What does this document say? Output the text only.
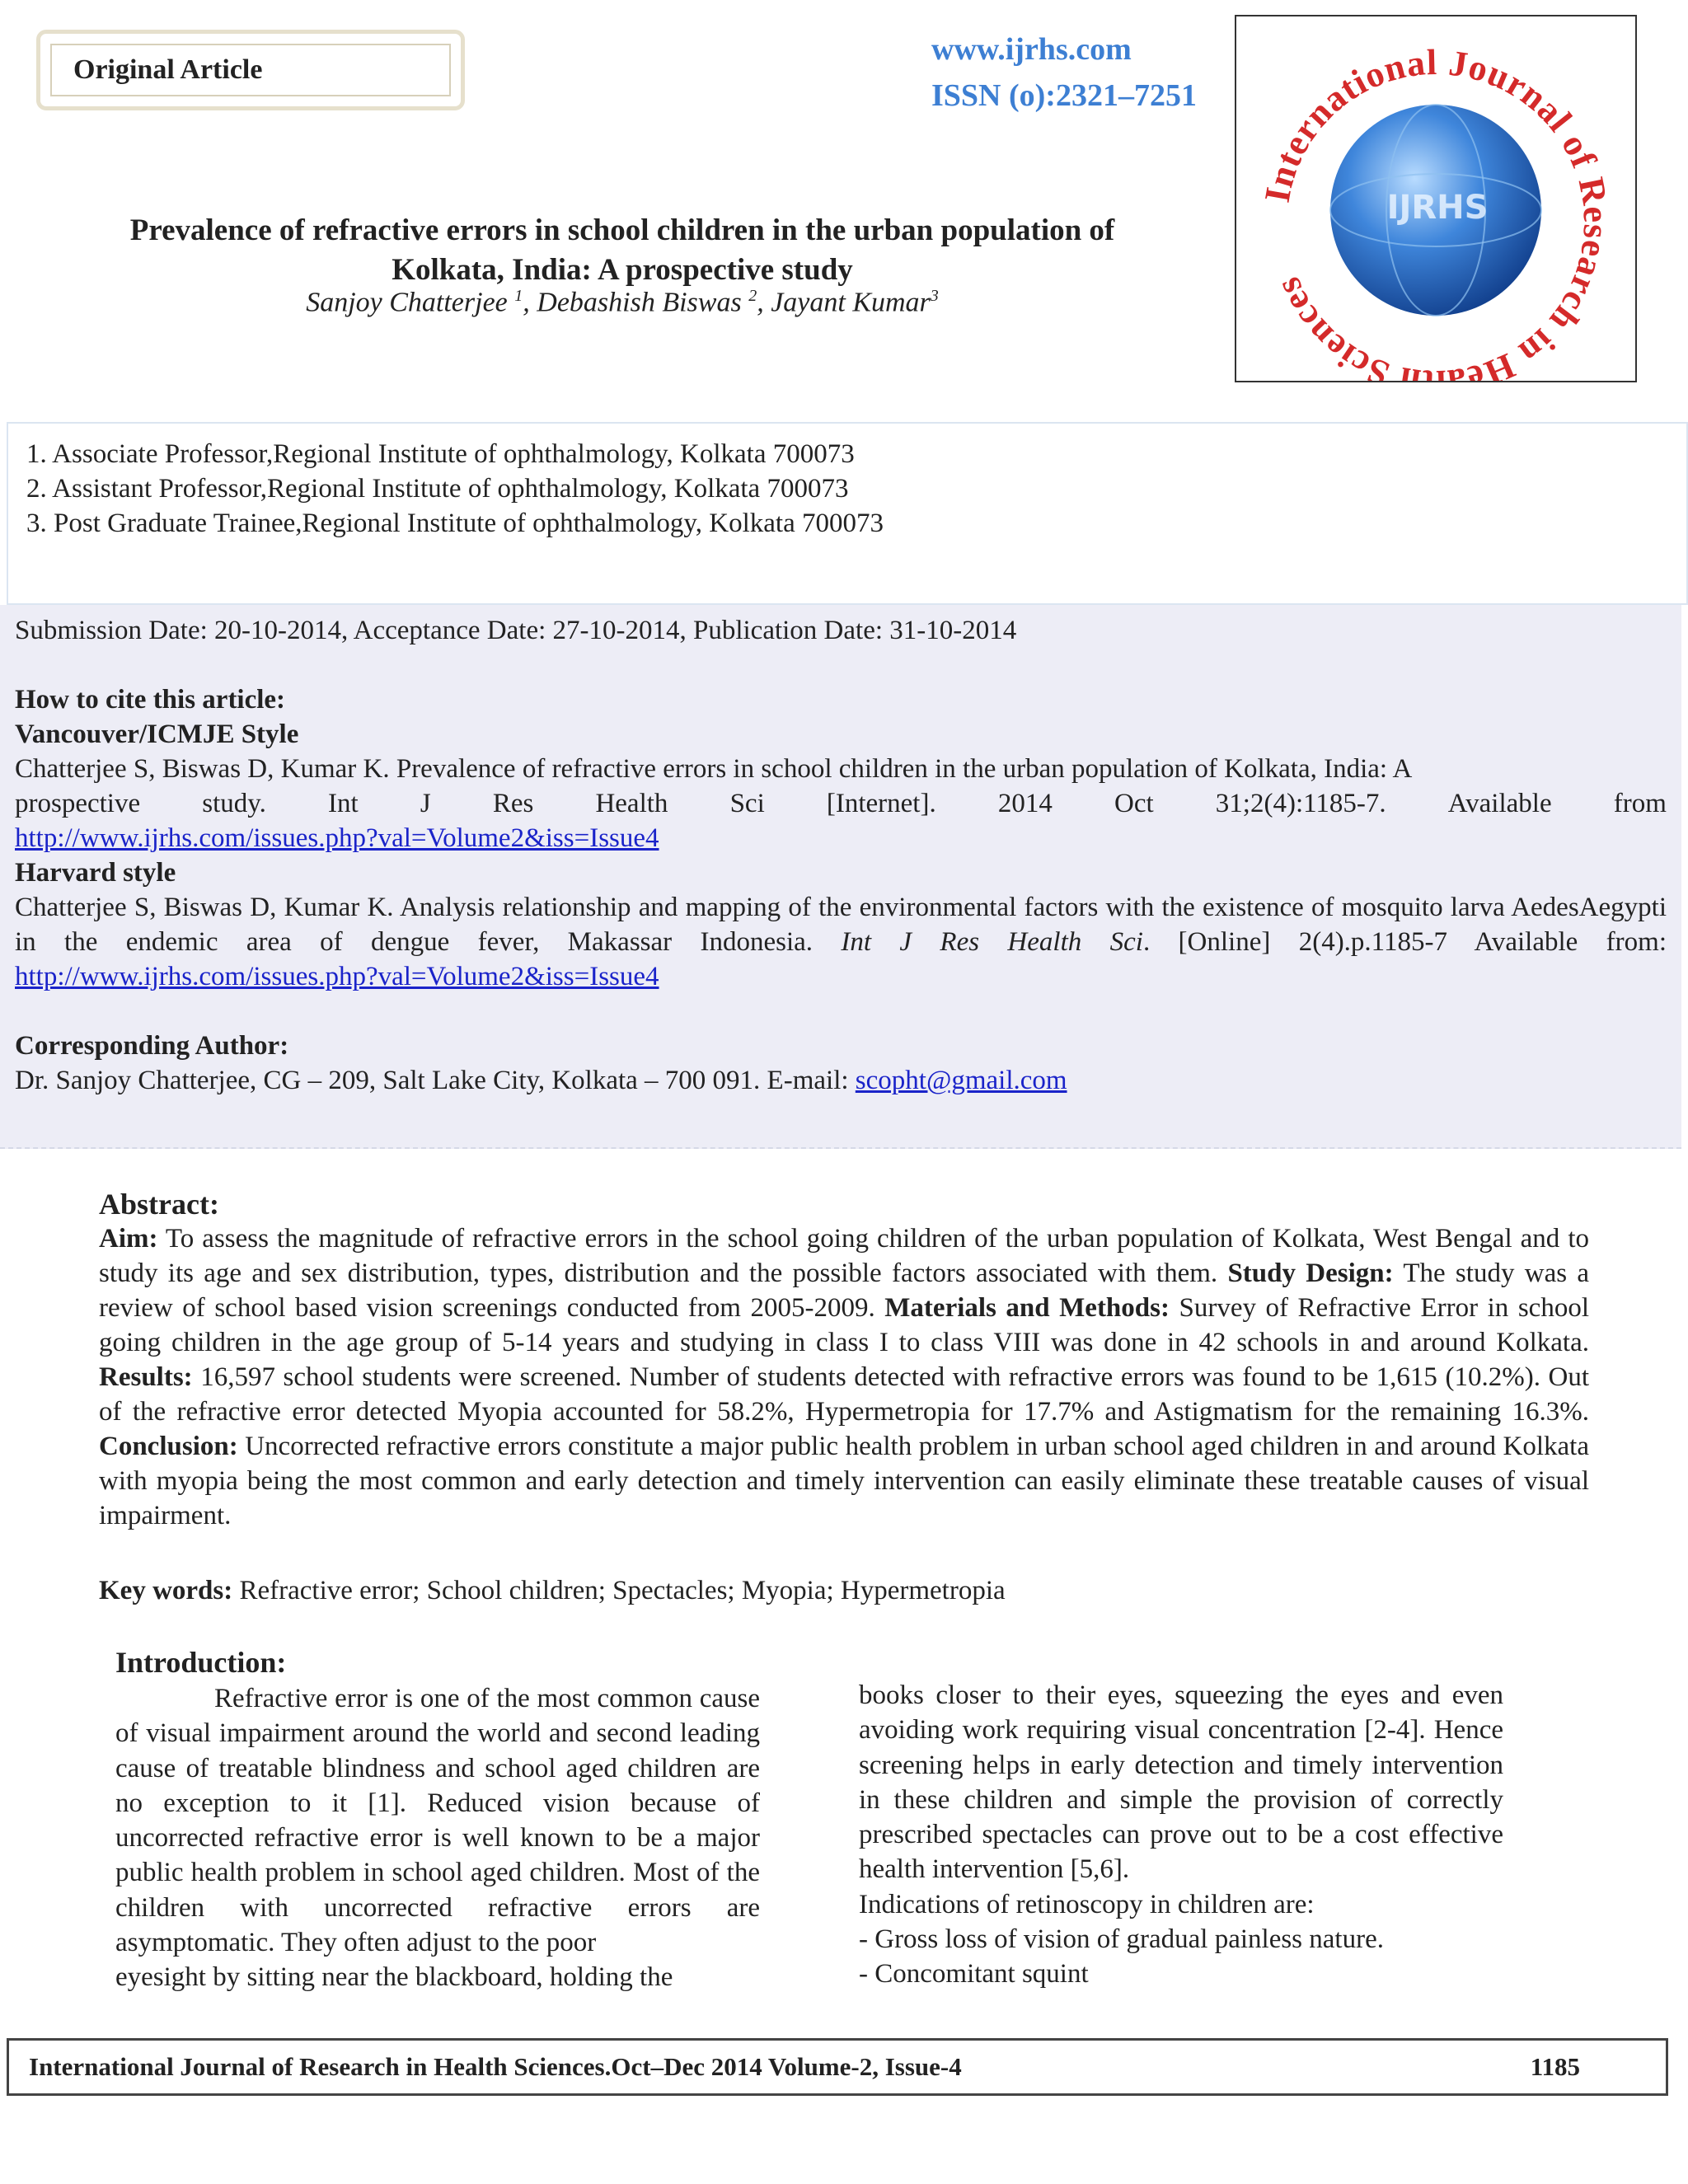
Original Article
www.ijrhs.com
ISSN (o):2321–7251
IJRHS
International Journal of Research in He h Sciences
Prevalence of refractive errors in school children in the urban population of
Kolkata, India: A prospective study
Sanjoy Chatterjee $^1$, Debashish Biswas $^2$, Jayant Kumar$^3$
1. Associate Professor,Regional Institute of ophthalmology, Kolkata 700073
2. Assistant Professor,Regional Institute of ophthalmology, Kolkata 700073
3. Post Graduate Trainee,Regional Institute of ophthalmology, Kolkata 700073
Submission Date: 20-10-2014, Acceptance Date: 27-10-2014, Publication Date: 31-10-2014
How to cite this article:
Vancouver/ICMJE Style
Chatterjee S, Biswas D, Kumar K. Prevalence of refractive errors in school children in the urban population of Kolkata, India: A
prospective study. Int J Res Health Sci [Internet]. 2014 Oct 31;2(4):1185-7. Available from
http://www.ijrhs.com/issues.php?val=Volume2&iss=Issue4
Harvard style
Chatterjee S, Biswas D, Kumar K. Analysis relationship and mapping of the environmental factors with the existence of mosquito larva AedesAegypti in the endemic area of dengue fever, Makassar Indonesia. Int J Res Health Sci. [Online] 2(4).p.1185-7 Available from: http://www.ijrhs.com/issues.php?val=Volume2&iss=Issue4
Corresponding Author:
Dr. Sanjoy Chatterjee, CG – 209, Salt Lake City, Kolkata – 700 091. E-mail: scopht@gmail.com
Abstract:
Aim: To assess the magnitude of refractive errors in the school going children of the urban population of Kolkata, West Bengal and to study its age and sex distribution, types, distribution and the possible factors associated with them. Study Design: The study was a review of school based vision screenings conducted from 2005-2009. Materials and Methods: Survey of Refractive Error in school going children in the age group of 5-14 years and studying in class I to class VIII was done in 42 schools in and around Kolkata. Results: 16,597 school students were screened. Number of students detected with refractive errors was found to be 1,615 (10.2%). Out of the refractive error detected Myopia accounted for 58.2%, Hypermetropia for 17.7% and Astigmatism for the remaining 16.3%. Conclusion: Uncorrected refractive errors constitute a major public health problem in urban school aged children in and around Kolkata with myopia being the most common and early detection and timely intervention can easily eliminate these treatable causes of visual impairment.
Key words: Refractive error; School children; Spectacles; Myopia; Hypermetropia
Introduction:
Refractive error is one of the most common cause of visual impairment around the world and second leading cause of treatable blindness and school aged children are no exception to it [1]. Reduced vision because of uncorrected refractive error is well known to be a major public health problem in school aged children. Most of the children with uncorrected refractive errors are asymptomatic. They often adjust to the poor
eyesight by sitting near the blackboard, holding the
books closer to their eyes, squeezing the eyes and even avoiding work requiring visual concentration [2-4]. Hence screening helps in early detection and timely intervention in these children and simple the provision of correctly prescribed spectacles can prove out to be a cost effective health intervention [5,6].
Indications of retinoscopy in children are:
- Gross loss of vision of gradual painless nature.
- Concomitant squint
International Journal of Research in Health Sciences.Oct–Dec 2014 Volume-2, Issue-4	1185
